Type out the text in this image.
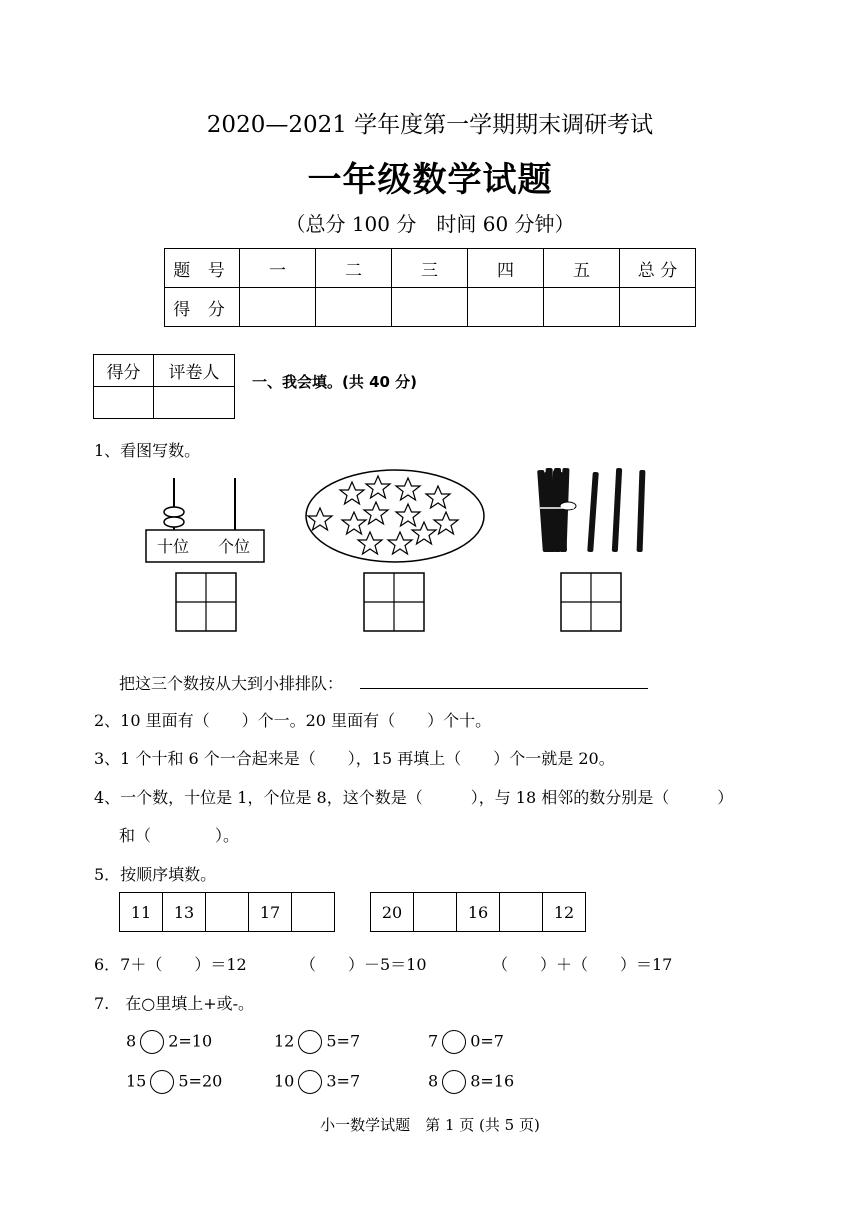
2020—2021 学年度第一学期期末调研考试
一年级数学试题
（总分 100 分　时间 60 分钟）
题 号	一	二	三	四	五	总 分
得 分						
得分	评卷人
	一、我会填。(共 40 分)
1、看图写数。
十位 个位
把这三个数按从大到小排排队：
2、10 里面有（　　）个一。20 里面有（　　）个十。
3、1 个十和 6 个一合起来是（　　），15 再填上（　　）个一就是 20。
4、一个数，十位是 1，个位是 8，这个数是（　　　），与 18 相邻的数分别是（　　　）
和（　　　　）。
5．按顺序填数。
11	13		17		20		16		12
6．7＋（　　）＝12	（　　）－5＝10	（　　）＋（　　）＝17
7.　在○里填上+或-。
8 2=10	12 5=7	7 0=7
15 5=20	10 3=7	8 8=16
小一数学试题　第 1 页 (共 5 页)
